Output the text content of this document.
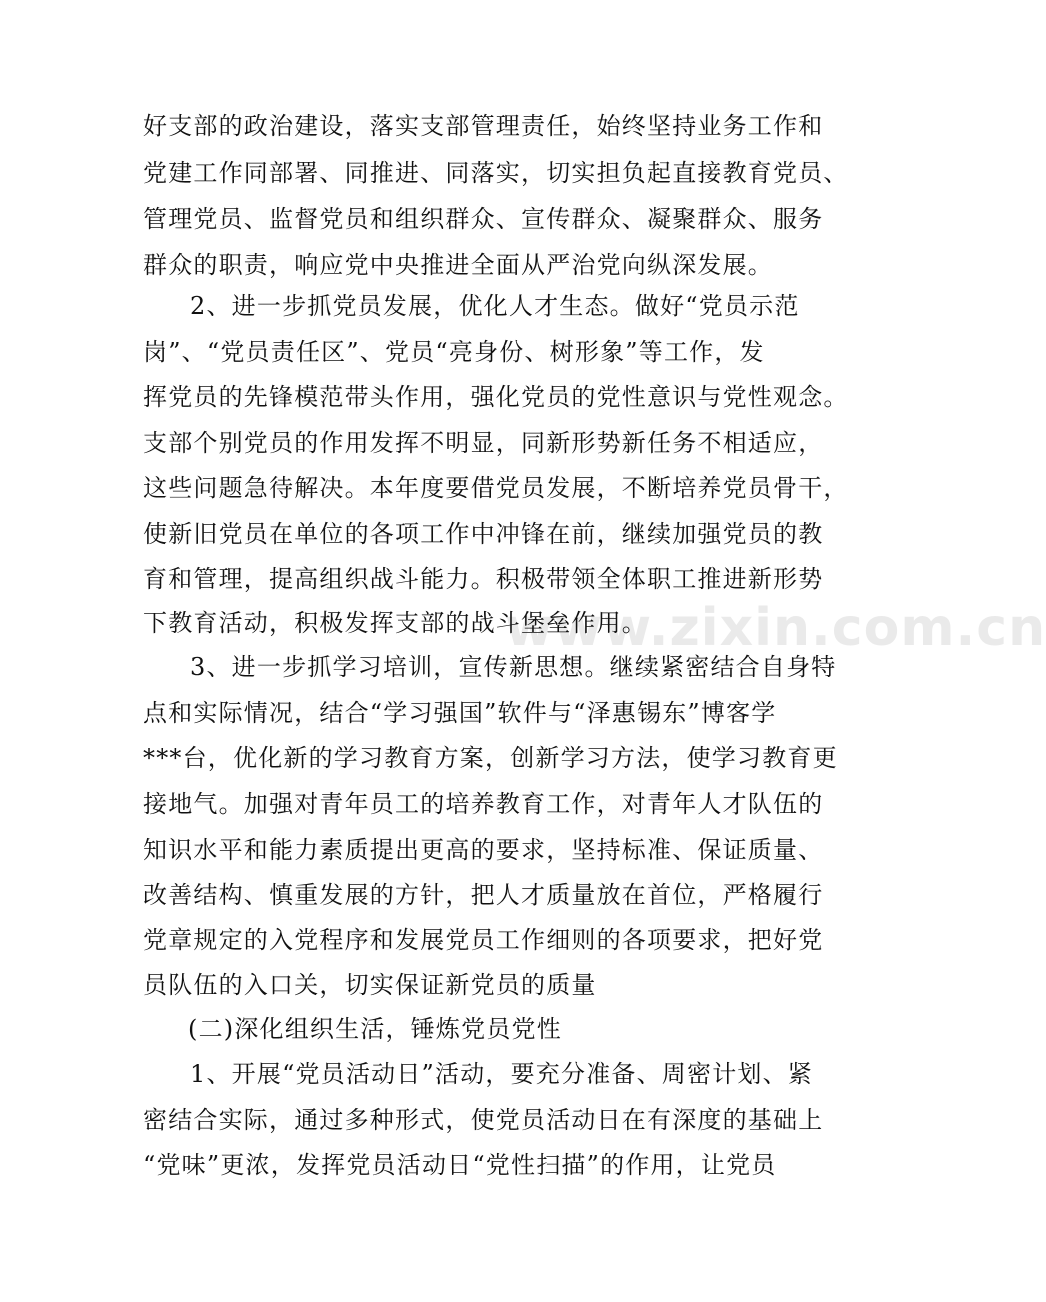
www.zixin.com.cn
好支部的政治建设，落实支部管理责任，始终坚持业务工作和
党建工作同部署、同推进、同落实，切实担负起直接教育党员、
管理党员、监督党员和组织群众、宣传群众、凝聚群众、服务
群众的职责，响应党中央推进全面从严治党向纵深发展。
2、进一步抓党员发展，优化人才生态。做好“党员示范
岗”、“党员责任区”、党员“亮身份、树形象”等工作，发
挥党员的先锋模范带头作用，强化党员的党性意识与党性观念。
支部个别党员的作用发挥不明显，同新形势新任务不相适应，
这些问题急待解决。本年度要借党员发展，不断培养党员骨干，
使新旧党员在单位的各项工作中冲锋在前，继续加强党员的教
育和管理，提高组织战斗能力。积极带领全体职工推进新形势
下教育活动，积极发挥支部的战斗堡垒作用。
3、进一步抓学习培训，宣传新思想。继续紧密结合自身特
点和实际情况，结合“学习强国”软件与“泽惠锡东”博客学
***台，优化新的学习教育方案，创新学习方法，使学习教育更
接地气。加强对青年员工的培养教育工作，对青年人才队伍的
知识水平和能力素质提出更高的要求，坚持标准、保证质量、
改善结构、慎重发展的方针，把人才质量放在首位，严格履行
党章规定的入党程序和发展党员工作细则的各项要求，把好党
员队伍的入口关，切实保证新党员的质量
(二)深化组织生活，锤炼党员党性
1、开展“党员活动日”活动，要充分准备、周密计划、紧
密结合实际，通过多种形式，使党员活动日在有深度的基础上
“党味”更浓，发挥党员活动日“党性扫描”的作用，让党员
